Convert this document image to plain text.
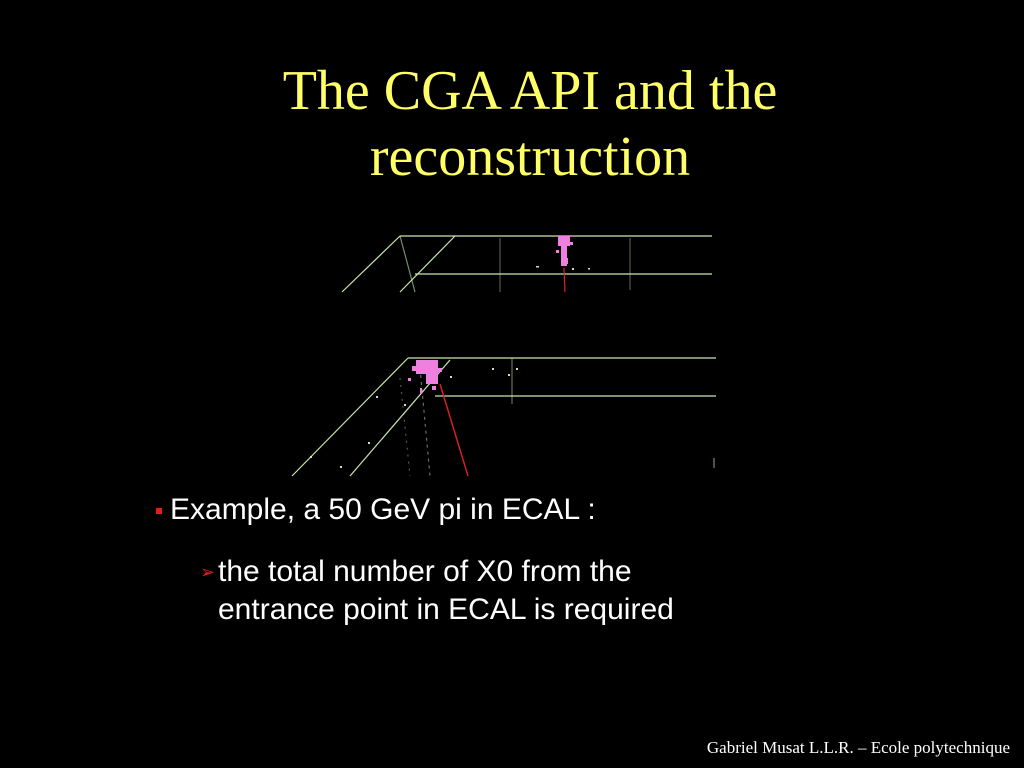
The CGA API and the
reconstruction
Example, a 50 GeV pi in ECAL :
➢ the total number of X0 from the
entrance point in ECAL is required
Gabriel Musat L.L.R. – Ecole polytechnique
